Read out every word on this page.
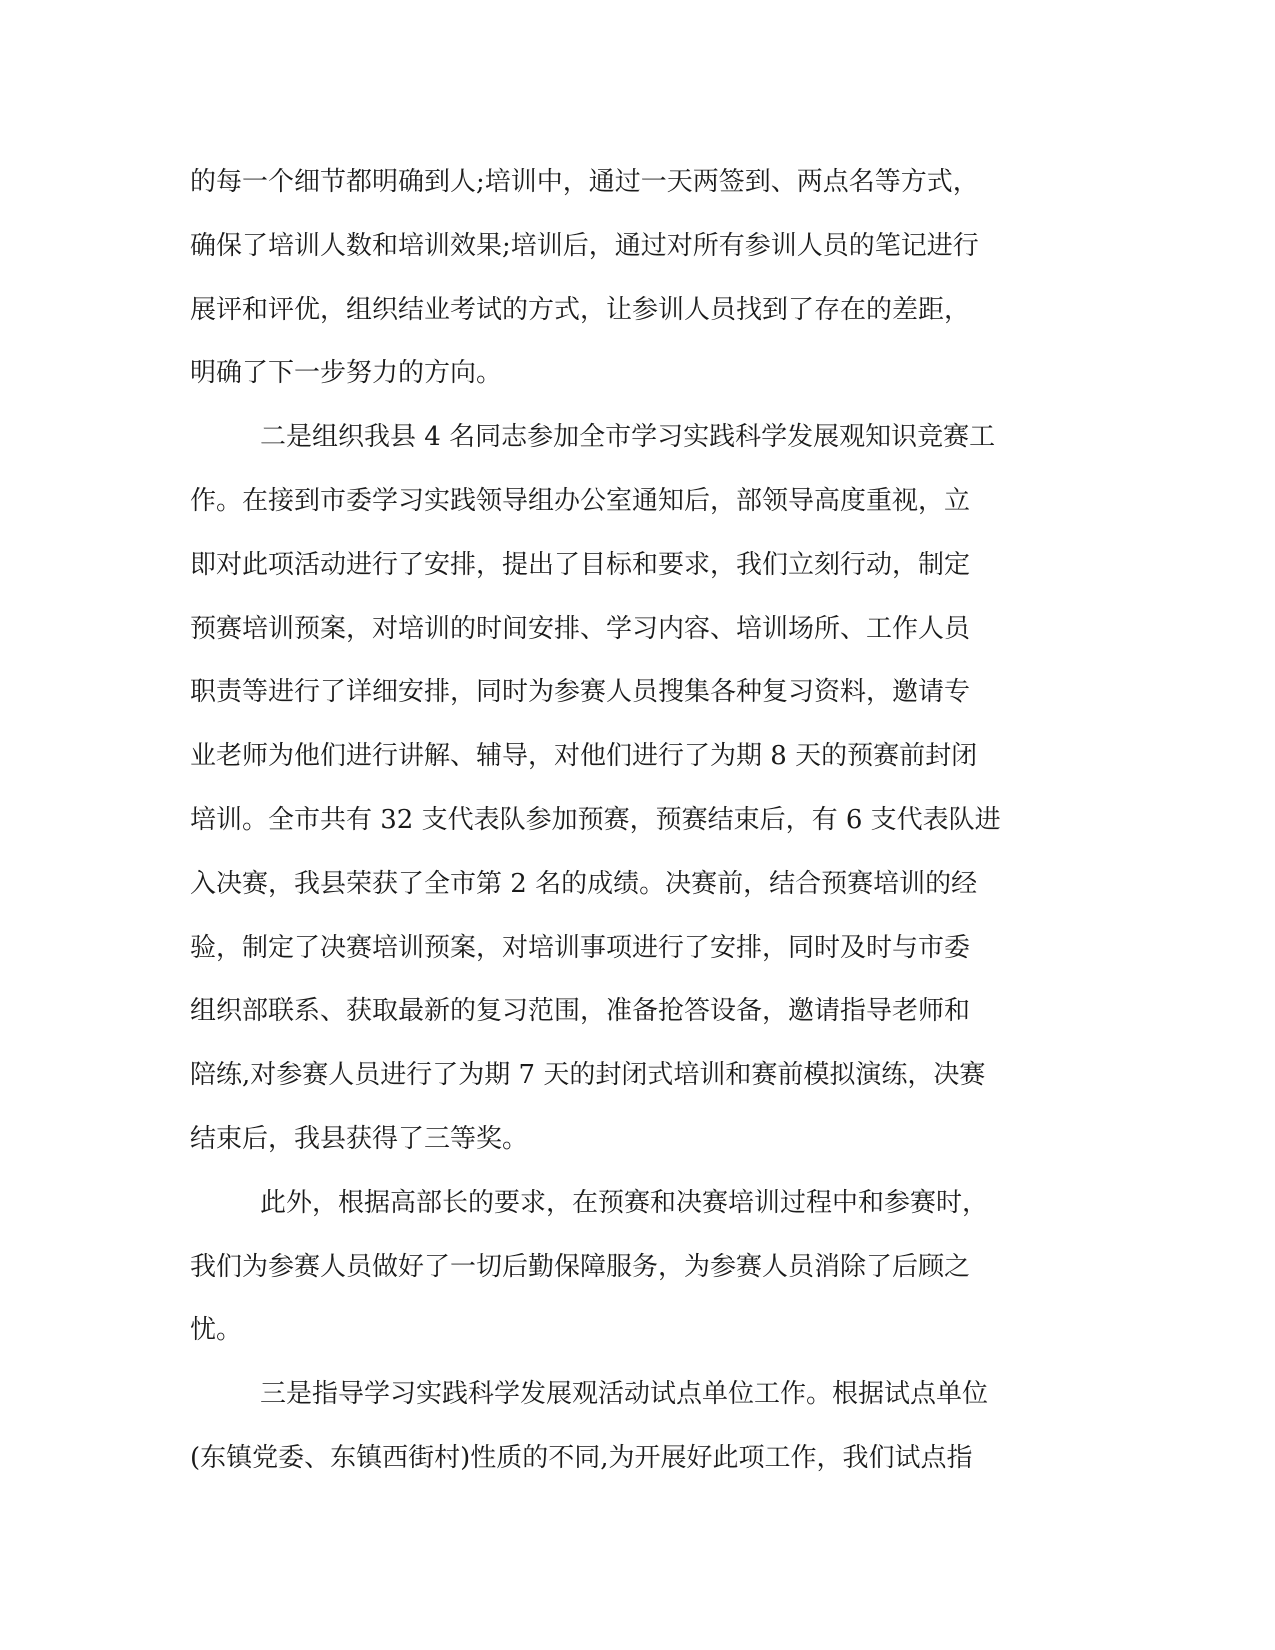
的每一个细节都明确到人;培训中，通过一天两签到、两点名等方式，
确保了培训人数和培训效果;培训后，通过对所有参训人员的笔记进行
展评和评优，组织结业考试的方式，让参训人员找到了存在的差距，
明确了下一步努力的方向。
二是组织我县 4 名同志参加全市学习实践科学发展观知识竞赛工
作。在接到市委学习实践领导组办公室通知后，部领导高度重视，立
即对此项活动进行了安排，提出了目标和要求，我们立刻行动，制定
预赛培训预案，对培训的时间安排、学习内容、培训场所、工作人员
职责等进行了详细安排，同时为参赛人员搜集各种复习资料，邀请专
业老师为他们进行讲解、辅导，对他们进行了为期 8 天的预赛前封闭
培训。全市共有 32 支代表队参加预赛，预赛结束后，有 6 支代表队进
入决赛，我县荣获了全市第 2 名的成绩。决赛前，结合预赛培训的经
验，制定了决赛培训预案，对培训事项进行了安排，同时及时与市委
组织部联系、获取最新的复习范围，准备抢答设备，邀请指导老师和
陪练,对参赛人员进行了为期 7 天的封闭式培训和赛前模拟演练，决赛
结束后，我县获得了三等奖。
此外，根据高部长的要求，在预赛和决赛培训过程中和参赛时，
我们为参赛人员做好了一切后勤保障服务，为参赛人员消除了后顾之
忧。
三是指导学习实践科学发展观活动试点单位工作。根据试点单位
(东镇党委、东镇西街村)性质的不同,为开展好此项工作，我们试点指
